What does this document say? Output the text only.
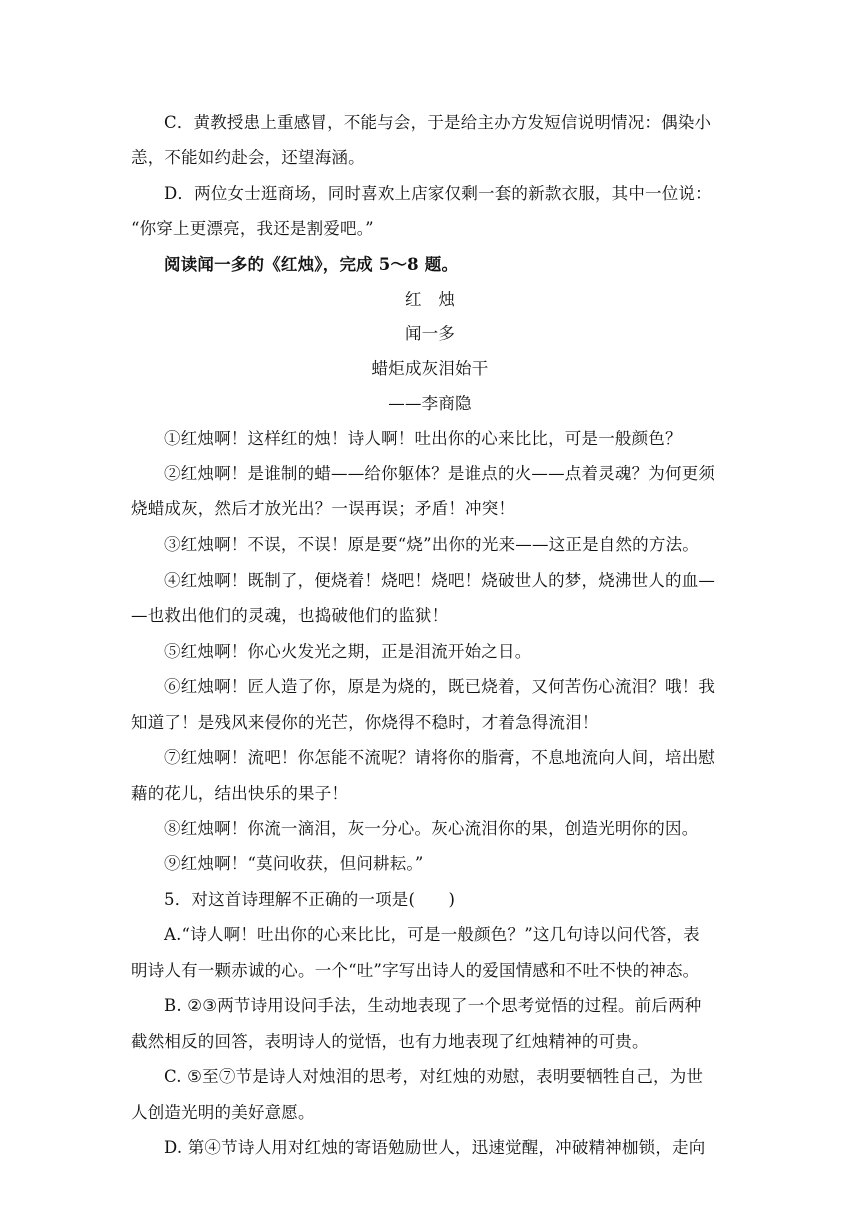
C．黄教授患上重感冒，不能与会，于是给主办方发短信说明情况：偶染小
恙，不能如约赴会，还望海涵。
D．两位女士逛商场，同时喜欢上店家仅剩一套的新款衣服，其中一位说：
“你穿上更漂亮，我还是割爱吧。”
阅读闻一多的《红烛》，完成 5～8 题。
红　烛
闻一多
蜡炬成灰泪始干
——李商隐
①红烛啊！这样红的烛！诗人啊！吐出你的心来比比，可是一般颜色？
②红烛啊！是谁制的蜡——给你躯体？是谁点的火——点着灵魂？为何更须
烧蜡成灰，然后才放光出？一误再误；矛盾！冲突！
③红烛啊！不误，不误！原是要“烧”出你的光来——这正是自然的方法。
④红烛啊！既制了，便烧着！烧吧！烧吧！烧破世人的梦，烧沸世人的血—
—也救出他们的灵魂，也捣破他们的监狱！
⑤红烛啊！你心火发光之期，正是泪流开始之日。
⑥红烛啊！匠人造了你，原是为烧的，既已烧着，又何苦伤心流泪？哦！我
知道了！是残风来侵你的光芒，你烧得不稳时，才着急得流泪！
⑦红烛啊！流吧！你怎能不流呢？请将你的脂膏，不息地流向人间，培出慰
藉的花儿，结出快乐的果子！
⑧红烛啊！你流一滴泪，灰一分心。灰心流泪你的果，创造光明你的因。
⑨红烛啊！“莫问收获，但问耕耘。”
5．对这首诗理解不正确的一项是(　　)
A.“诗人啊！吐出你的心来比比，可是一般颜色？”这几句诗以问代答，表
明诗人有一颗赤诚的心。一个“吐”字写出诗人的爱国情感和不吐不快的神态。
B. ②③两节诗用设问手法，生动地表现了一个思考觉悟的过程。前后两种
截然相反的回答，表明诗人的觉悟，也有力地表现了红烛精神的可贵。
C. ⑤至⑦节是诗人对烛泪的思考，对红烛的劝慰，表明要牺牲自己，为世
人创造光明的美好意愿。
D. 第④节诗人用对红烛的寄语勉励世人，迅速觉醒，冲破精神枷锁，走向
